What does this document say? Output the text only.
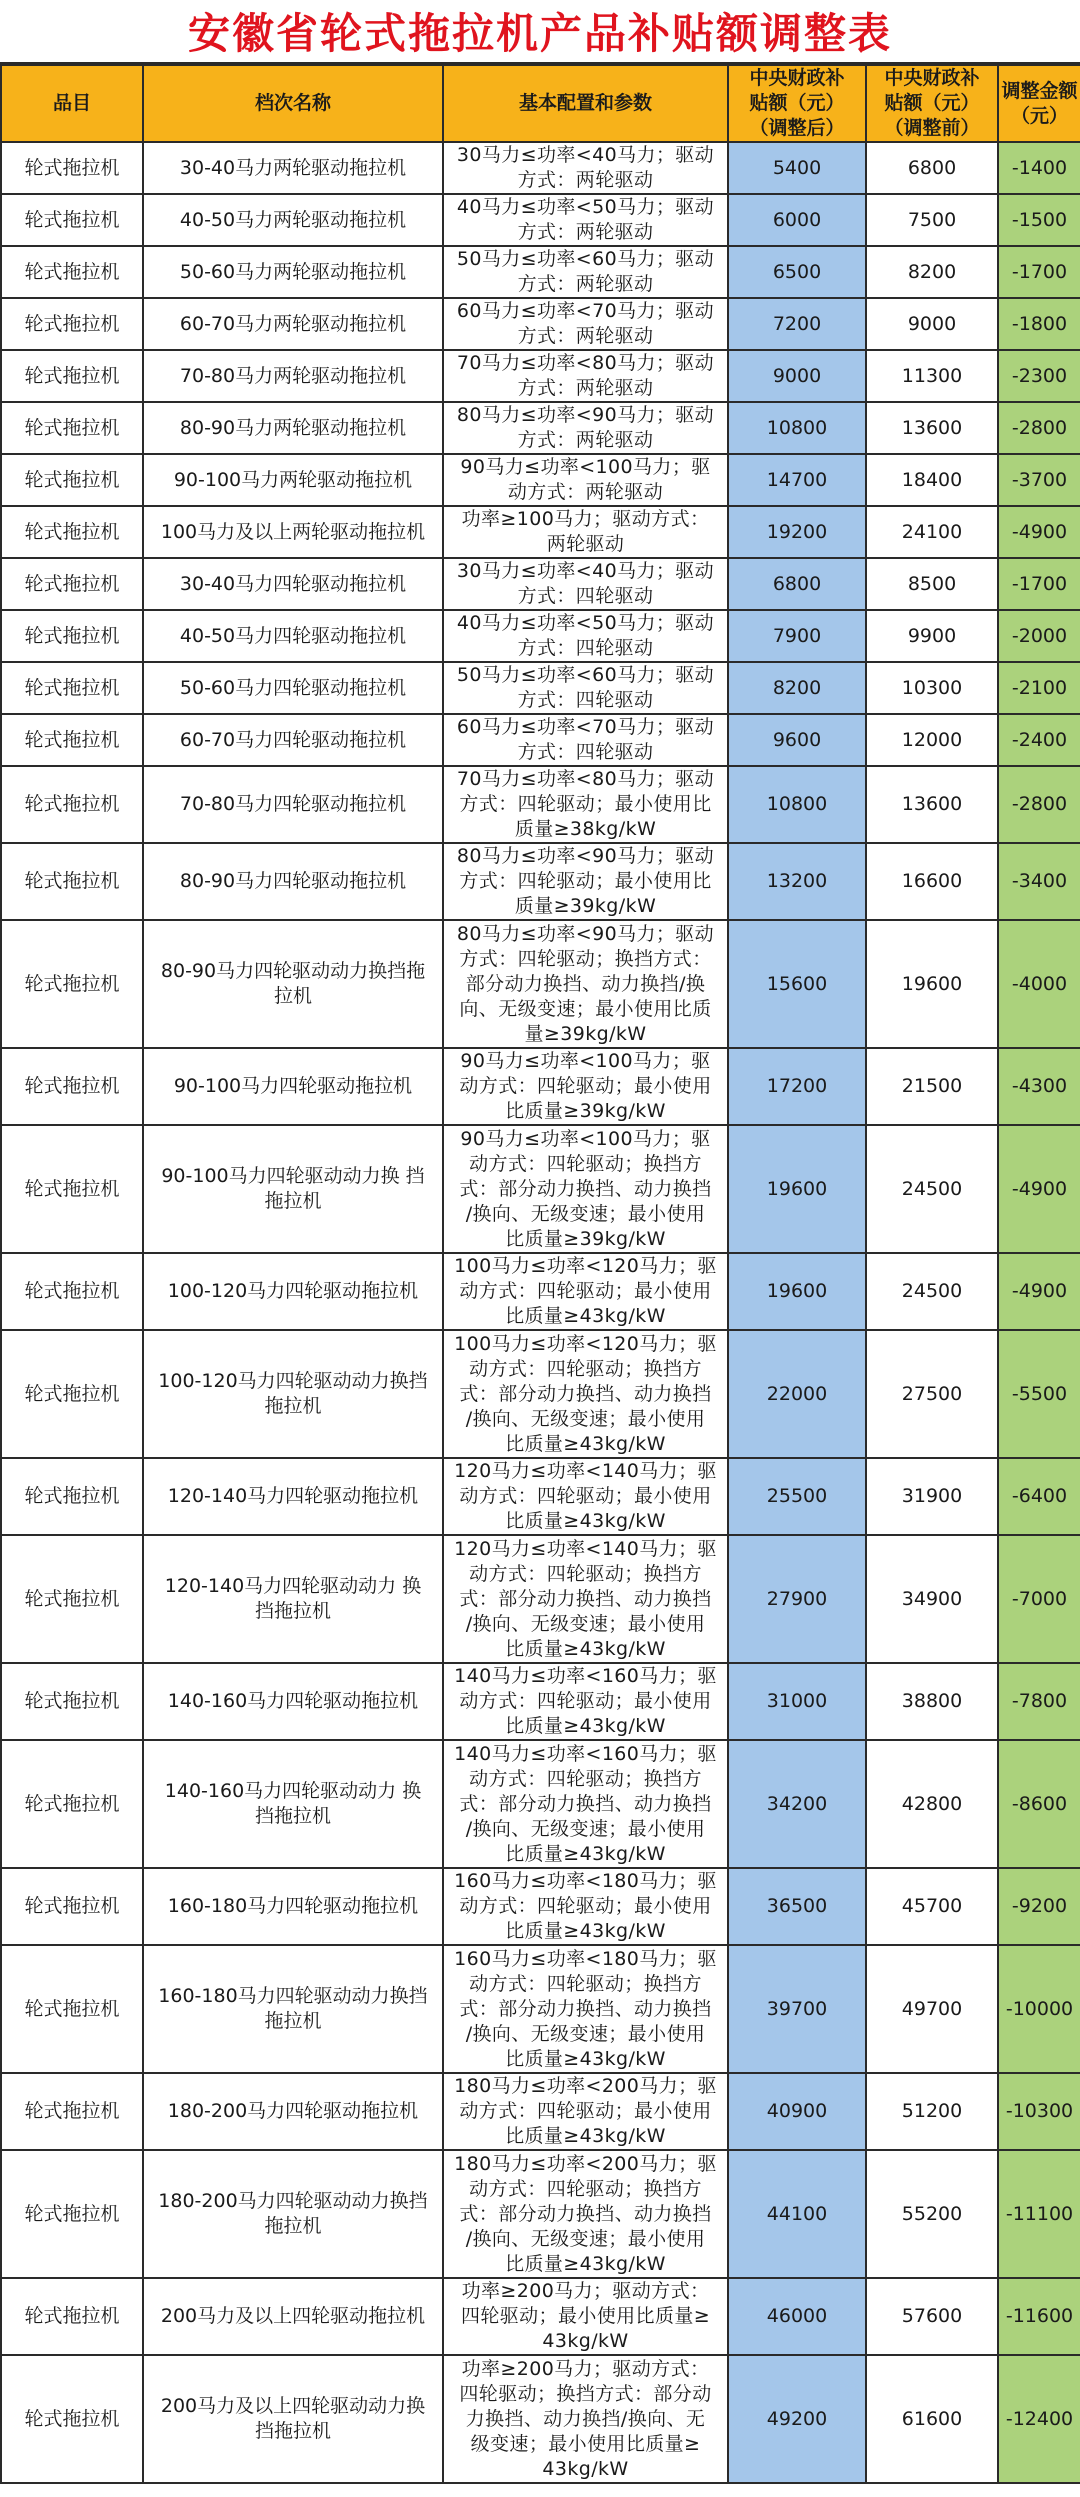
安徽省轮式拖拉机产品补贴额调整表
品目	档次名称	基本配置和参数	中央财政补
贴额（元）
（调整后）	中央财政补
贴额（元）
（调整前）	调整金额
（元）

轮式拖拉机	30-40马力两轮驱动拖拉机	30马力≤功率<40马力；驱动
方式：两轮驱动	5400	6800	-1400
轮式拖拉机	40-50马力两轮驱动拖拉机	40马力≤功率<50马力；驱动
方式：两轮驱动	6000	7500	-1500
轮式拖拉机	50-60马力两轮驱动拖拉机	50马力≤功率<60马力；驱动
方式：两轮驱动	6500	8200	-1700
轮式拖拉机	60-70马力两轮驱动拖拉机	60马力≤功率<70马力；驱动
方式：两轮驱动	7200	9000	-1800
轮式拖拉机	70-80马力两轮驱动拖拉机	70马力≤功率<80马力；驱动
方式：两轮驱动	9000	11300	-2300
轮式拖拉机	80-90马力两轮驱动拖拉机	80马力≤功率<90马力；驱动
方式：两轮驱动	10800	13600	-2800
轮式拖拉机	90-100马力两轮驱动拖拉机	90马力≤功率<100马力；驱
动方式：两轮驱动	14700	18400	-3700
轮式拖拉机	100马力及以上两轮驱动拖拉机	功率≥100马力；驱动方式：
两轮驱动	19200	24100	-4900
轮式拖拉机	30-40马力四轮驱动拖拉机	30马力≤功率<40马力；驱动
方式：四轮驱动	6800	8500	-1700
轮式拖拉机	40-50马力四轮驱动拖拉机	40马力≤功率<50马力；驱动
方式：四轮驱动	7900	9900	-2000
轮式拖拉机	50-60马力四轮驱动拖拉机	50马力≤功率<60马力；驱动
方式：四轮驱动	8200	10300	-2100
轮式拖拉机	60-70马力四轮驱动拖拉机	60马力≤功率<70马力；驱动
方式：四轮驱动	9600	12000	-2400
轮式拖拉机	70-80马力四轮驱动拖拉机	70马力≤功率<80马力；驱动
方式：四轮驱动；最小使用比
质量≥38kg/kW	10800	13600	-2800
轮式拖拉机	80-90马力四轮驱动拖拉机	80马力≤功率<90马力；驱动
方式：四轮驱动；最小使用比
质量≥39kg/kW	13200	16600	-3400
轮式拖拉机	80-90马力四轮驱动动力换挡拖
拉机	80马力≤功率<90马力；驱动
方式：四轮驱动；换挡方式：
部分动力换挡、动力换挡/换
向、无级变速；最小使用比质
量≥39kg/kW	15600	19600	-4000
轮式拖拉机	90-100马力四轮驱动拖拉机	90马力≤功率<100马力；驱
动方式：四轮驱动；最小使用
比质量≥39kg/kW	17200	21500	-4300
轮式拖拉机	90-100马力四轮驱动动力换 挡
拖拉机	90马力≤功率<100马力；驱
动方式：四轮驱动；换挡方
式：部分动力换挡、动力换挡
/换向、无级变速；最小使用
比质量≥39kg/kW	19600	24500	-4900
轮式拖拉机	100-120马力四轮驱动拖拉机	100马力≤功率<120马力；驱
动方式：四轮驱动；最小使用
比质量≥43kg/kW	19600	24500	-4900
轮式拖拉机	100-120马力四轮驱动动力换挡
拖拉机	100马力≤功率<120马力；驱
动方式：四轮驱动；换挡方
式：部分动力换挡、动力换挡
/换向、无级变速；最小使用
比质量≥43kg/kW	22000	27500	-5500
轮式拖拉机	120-140马力四轮驱动拖拉机	120马力≤功率<140马力；驱
动方式：四轮驱动；最小使用
比质量≥43kg/kW	25500	31900	-6400
轮式拖拉机	120-140马力四轮驱动动力 换
挡拖拉机	120马力≤功率<140马力；驱
动方式：四轮驱动；换挡方
式：部分动力换挡、动力换挡
/换向、无级变速；最小使用
比质量≥43kg/kW	27900	34900	-7000
轮式拖拉机	140-160马力四轮驱动拖拉机	140马力≤功率<160马力；驱
动方式：四轮驱动；最小使用
比质量≥43kg/kW	31000	38800	-7800
轮式拖拉机	140-160马力四轮驱动动力 换
挡拖拉机	140马力≤功率<160马力；驱
动方式：四轮驱动；换挡方
式：部分动力换挡、动力换挡
/换向、无级变速；最小使用
比质量≥43kg/kW	34200	42800	-8600
轮式拖拉机	160-180马力四轮驱动拖拉机	160马力≤功率<180马力；驱
动方式：四轮驱动；最小使用
比质量≥43kg/kW	36500	45700	-9200
轮式拖拉机	160-180马力四轮驱动动力换挡
拖拉机	160马力≤功率<180马力；驱
动方式：四轮驱动；换挡方
式：部分动力换挡、动力换挡
/换向、无级变速；最小使用
比质量≥43kg/kW	39700	49700	-10000
轮式拖拉机	180-200马力四轮驱动拖拉机	180马力≤功率<200马力；驱
动方式：四轮驱动；最小使用
比质量≥43kg/kW	40900	51200	-10300
轮式拖拉机	180-200马力四轮驱动动力换挡
拖拉机	180马力≤功率<200马力；驱
动方式：四轮驱动；换挡方
式：部分动力换挡、动力换挡
/换向、无级变速；最小使用
比质量≥43kg/kW	44100	55200	-11100
轮式拖拉机	200马力及以上四轮驱动拖拉机	功率≥200马力；驱动方式：
四轮驱动；最小使用比质量≥
43kg/kW	46000	57600	-11600
轮式拖拉机	200马力及以上四轮驱动动力换
挡拖拉机	功率≥200马力；驱动方式：
四轮驱动；换挡方式：部分动
力换挡、动力换挡/换向、无
级变速；最小使用比质量≥
43kg/kW	49200	61600	-12400
